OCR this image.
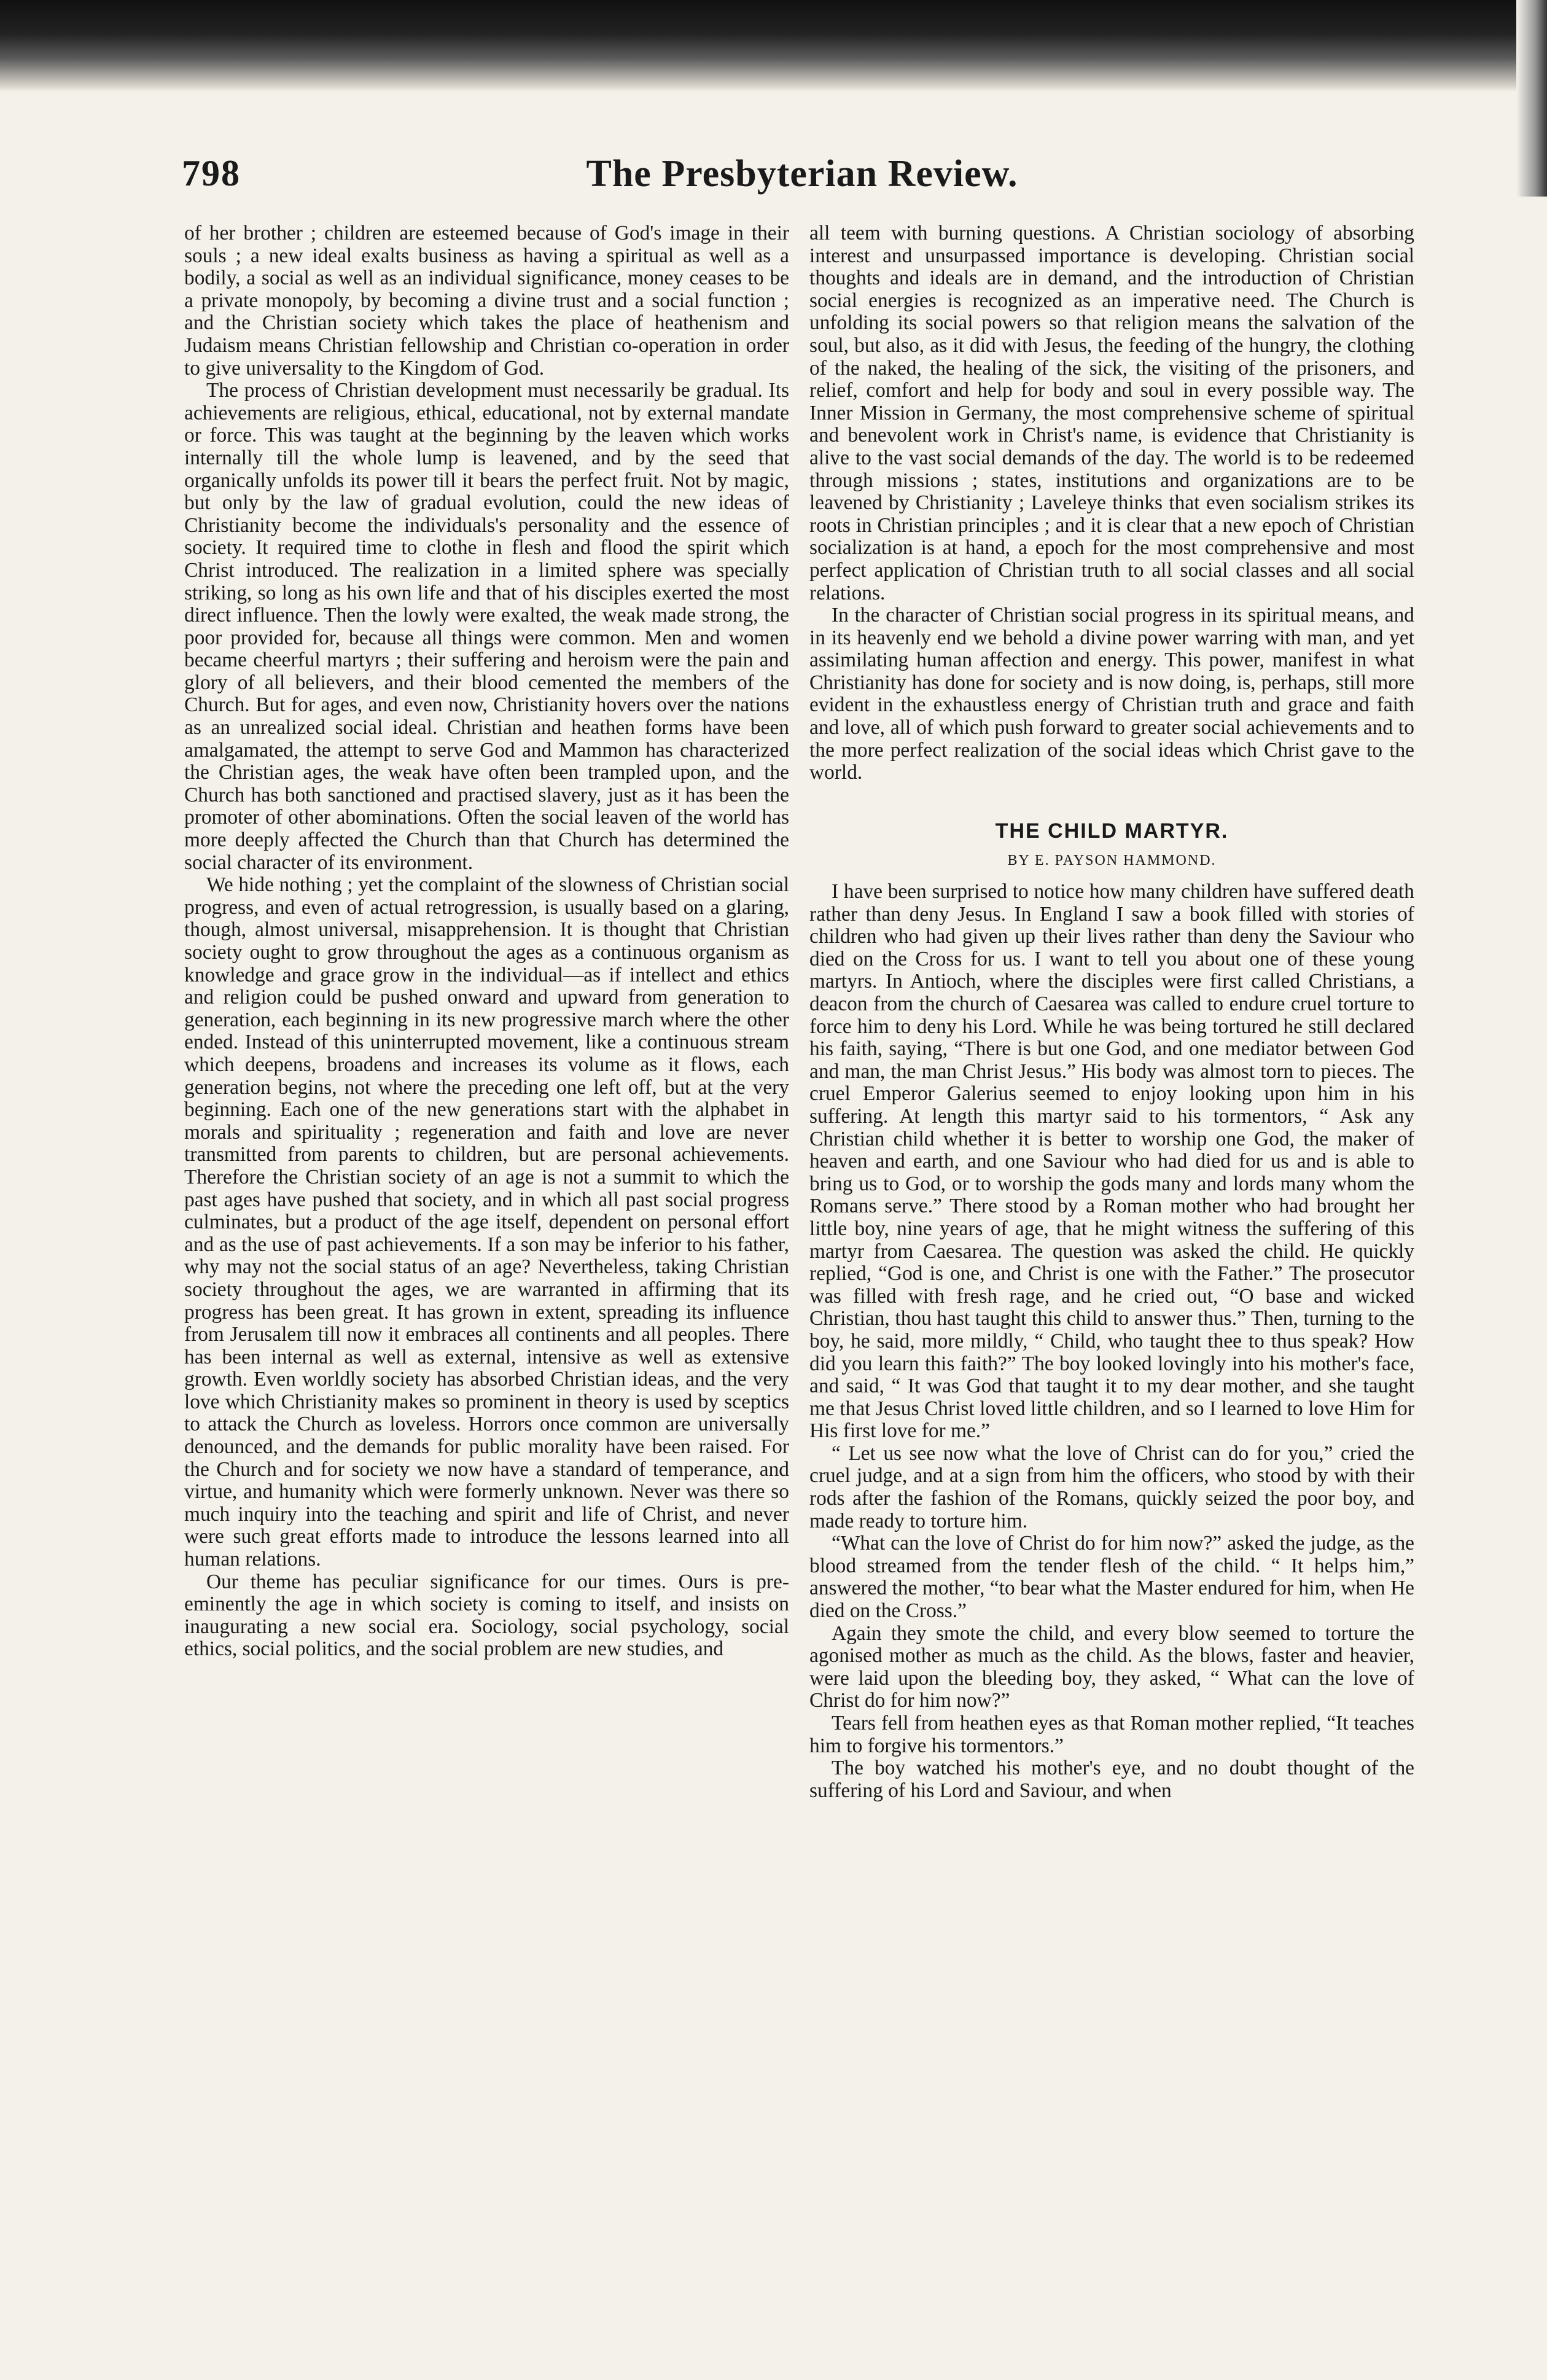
798	The Presbyterian Review.

of her brother ; children are esteemed because of God's image in their souls ; a new ideal exalts business as having a spiritual as well as a bodily, a social as well as an individual significance, money ceases to be a private monopoly, by becoming a divine trust and a social function ; and the Christian society which takes the place of heathenism and Judaism means Christian fellowship and Christian co-operation in order to give universality to the Kingdom of God.

The process of Christian development must necessarily be gradual. Its achievements are religious, ethical, educational, not by external mandate or force. This was taught at the beginning by the leaven which works internally till the whole lump is leavened, and by the seed that organically unfolds its power till it bears the perfect fruit. Not by magic, but only by the law of gradual evolution, could the new ideas of Christianity become the individuals's personality and the essence of society. It required time to clothe in flesh and flood the spirit which Christ introduced. The realization in a limited sphere was specially striking, so long as his own life and that of his disciples exerted the most direct influence. Then the lowly were exalted, the weak made strong, the poor provided for, because all things were common. Men and women became cheerful martyrs ; their suffering and heroism were the pain and glory of all believers, and their blood cemented the members of the Church. But for ages, and even now, Christianity hovers over the nations as an unrealized social ideal. Christian and heathen forms have been amalgamated, the attempt to serve God and Mammon has characterized the Christian ages, the weak have often been trampled upon, and the Church has both sanctioned and practised slavery, just as it has been the promoter of other abominations. Often the social leaven of the world has more deeply affected the Church than that Church has determined the social character of its environment.

We hide nothing ; yet the complaint of the slowness of Christian social progress, and even of actual retrogression, is usually based on a glaring, though, almost universal, misapprehension. It is thought that Christian society ought to grow throughout the ages as a continuous organism as knowledge and grace grow in the individual—as if intellect and ethics and religion could be pushed onward and upward from generation to generation, each beginning in its new progressive march where the other ended. Instead of this uninterrupted movement, like a continuous stream which deepens, broadens and increases its volume as it flows, each generation begins, not where the preceding one left off, but at the very beginning. Each one of the new generations start with the alphabet in morals and spirituality ; regeneration and faith and love are never transmitted from parents to children, but are personal achievements. Therefore the Christian society of an age is not a summit to which the past ages have pushed that society, and in which all past social progress culminates, but a product of the age itself, dependent on personal effort and as the use of past achievements. If a son may be inferior to his father, why may not the social status of an age? Nevertheless, taking Christian society throughout the ages, we are warranted in affirming that its progress has been great. It has grown in extent, spreading its influence from Jerusalem till now it embraces all continents and all peoples. There has been internal as well as external, intensive as well as extensive growth. Even worldly society has absorbed Christian ideas, and the very love which Christianity makes so prominent in theory is used by sceptics to attack the Church as loveless. Horrors once common are universally denounced, and the demands for public morality have been raised. For the Church and for society we now have a standard of temperance, and virtue, and humanity which were formerly unknown. Never was there so much inquiry into the teaching and spirit and life of Christ, and never were such great efforts made to introduce the lessons learned into all human relations.

Our theme has peculiar significance for our times. Ours is pre-eminently the age in which society is coming to itself, and insists on inaugurating a new social era. Sociology, social psychology, social ethics, social politics, and the social problem are new studies, and

all teem with burning questions. A Christian sociology of absorbing interest and unsurpassed importance is developing. Christian social thoughts and ideals are in demand, and the introduction of Christian social energies is recognized as an imperative need. The Church is unfolding its social powers so that religion means the salvation of the soul, but also, as it did with Jesus, the feeding of the hungry, the clothing of the naked, the healing of the sick, the visiting of the prisoners, and relief, comfort and help for body and soul in every possible way. The Inner Mission in Germany, the most comprehensive scheme of spiritual and benevolent work in Christ's name, is evidence that Christianity is alive to the vast social demands of the day. The world is to be redeemed through missions ; states, institutions and organizations are to be leavened by Christianity ; Laveleye thinks that even socialism strikes its roots in Christian principles ; and it is clear that a new epoch of Christian socialization is at hand, a epoch for the most comprehensive and most perfect application of Christian truth to all social classes and all social relations.

In the character of Christian social progress in its spiritual means, and in its heavenly end we behold a divine power warring with man, and yet assimilating human affection and energy. This power, manifest in what Christianity has done for society and is now doing, is, perhaps, still more evident in the exhaustless energy of Christian truth and grace and faith and love, all of which push forward to greater social achievements and to the more perfect realization of the social ideas which Christ gave to the world.

THE CHILD MARTYR.
BY E. PAYSON HAMMOND.

I have been surprised to notice how many children have suffered death rather than deny Jesus. In England I saw a book filled with stories of children who had given up their lives rather than deny the Saviour who died on the Cross for us. I want to tell you about one of these young martyrs. In Antioch, where the disciples were first called Christians, a deacon from the church of Caesarea was called to endure cruel torture to force him to deny his Lord. While he was being tortured he still declared his faith, saying, “There is but one God, and one mediator between God and man, the man Christ Jesus.” His body was almost torn to pieces. The cruel Emperor Galerius seemed to enjoy looking upon him in his suffering. At length this martyr said to his tormentors, “ Ask any Christian child whether it is better to worship one God, the maker of heaven and earth, and one Saviour who had died for us and is able to bring us to God, or to worship the gods many and lords many whom the Romans serve.” There stood by a Roman mother who had brought her little boy, nine years of age, that he might witness the suffering of this martyr from Caesarea. The question was asked the child. He quickly replied, “God is one, and Christ is one with the Father.” The prosecutor was filled with fresh rage, and he cried out, “O base and wicked Christian, thou hast taught this child to answer thus.” Then, turning to the boy, he said, more mildly, “ Child, who taught thee to thus speak? How did you learn this faith?” The boy looked lovingly into his mother's face, and said, “ It was God that taught it to my dear mother, and she taught me that Jesus Christ loved little children, and so I learned to love Him for His first love for me.”

“ Let us see now what the love of Christ can do for you,” cried the cruel judge, and at a sign from him the officers, who stood by with their rods after the fashion of the Romans, quickly seized the poor boy, and made ready to torture him.

“What can the love of Christ do for him now?” asked the judge, as the blood streamed from the tender flesh of the child. “ It helps him,” answered the mother, “to bear what the Master endured for him, when He died on the Cross.”

Again they smote the child, and every blow seemed to torture the agonised mother as much as the child. As the blows, faster and heavier, were laid upon the bleeding boy, they asked, “ What can the love of Christ do for him now?”

Tears fell from heathen eyes as that Roman mother replied, “It teaches him to forgive his tormentors.”

The boy watched his mother's eye, and no doubt thought of the suffering of his Lord and Saviour, and when
